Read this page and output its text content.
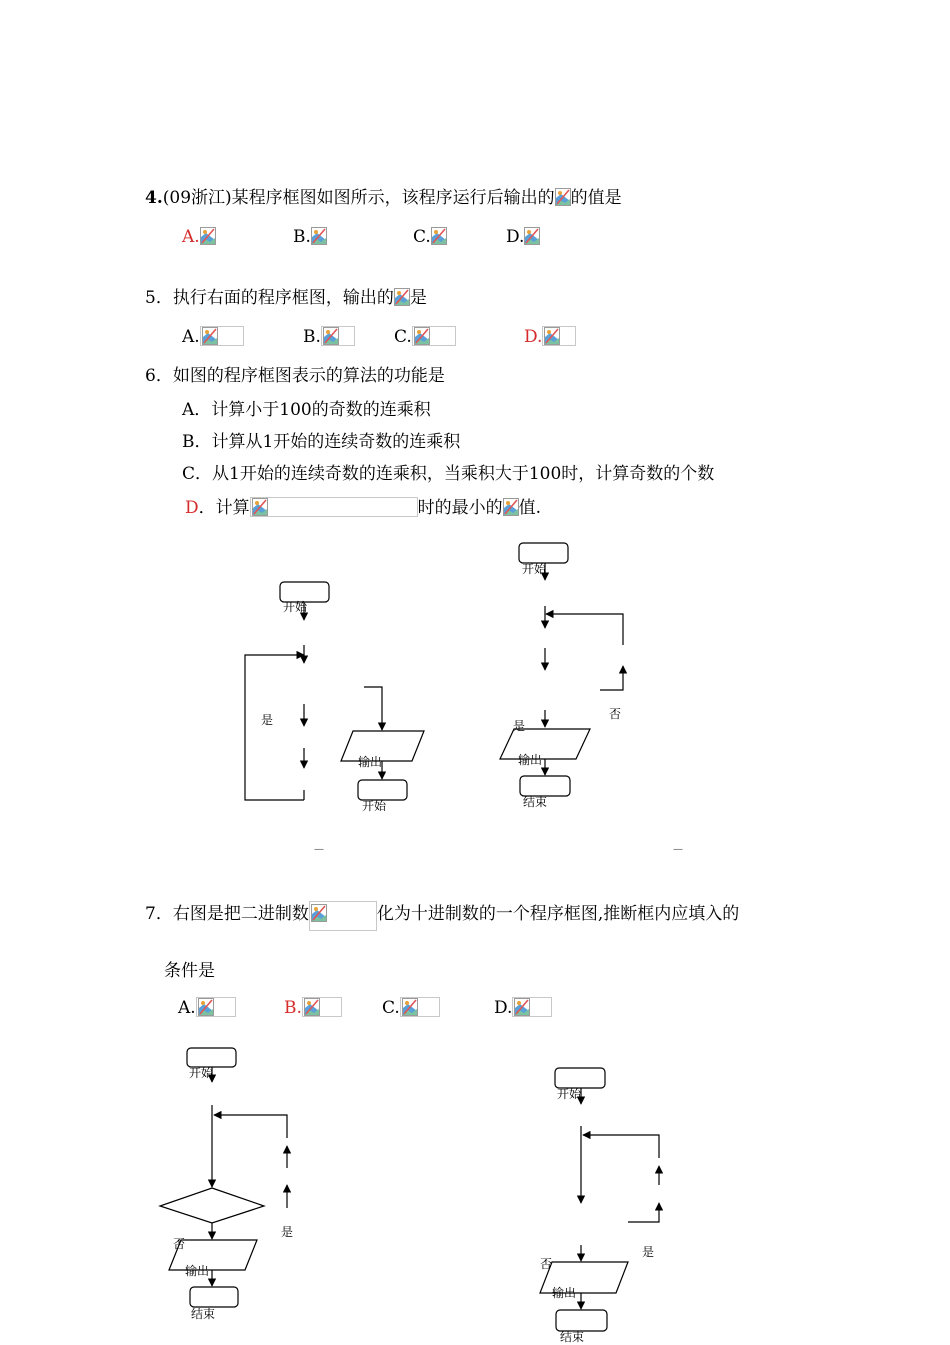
4.(09浙江)某程序框图如图所示，该程序运行后输出的 的值是
A.	B.	C.	D.
5．执行右面的程序框图，输出的 是
A.	B.	C.	D.
6．如图的程序框图表示的算法的功能是
A．计算小于100的奇数的连乘积
B．计算从1开始的连续奇数的连乘积
C．从1开始的连续奇数的连乘积，当乘积大于100时，计算奇数的个数
D．计算	时的最小的 值.
7．右图是把二进制数	化为十进制数的一个程序框图,推断框内应填入的
条件是
A.	B.	C.	D.
开始
是
输出
开始
—
开始
否
是
输出
结束
—
开始
是
否
输出
结束
开始
是
否
输出
结束
